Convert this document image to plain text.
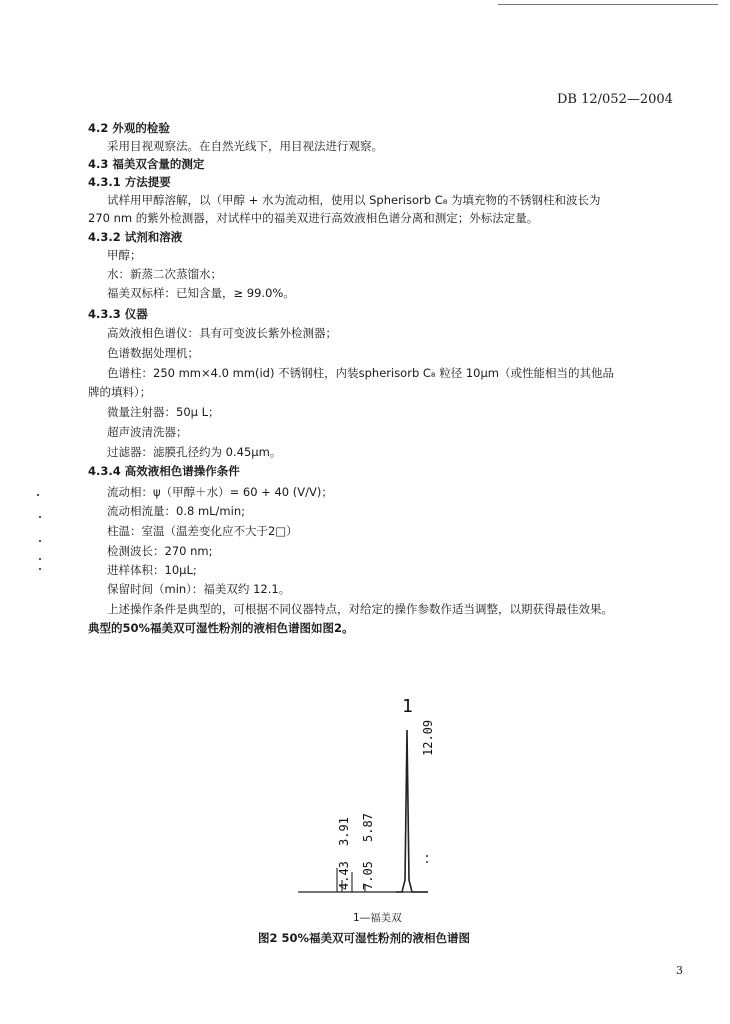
DB 12/052—2004
4.2 外观的检验
采用目视观察法。在自然光线下，用目视法进行观察。
4.3 福美双含量的测定
4.3.1 方法提要
试样用甲醇溶解，以（甲醇 + 水为流动相，使用以 Spherisorb C₈ 为填充物的不锈钢柱和波长为
270 nm 的紫外检测器，对试样中的福美双进行高效液相色谱分离和测定；外标法定量。
4.3.2 试剂和溶液
甲醇；
水：新蒸二次蒸馏水；
福美双标样：已知含量，≥ 99.0%。
4.3.3 仪器
高效液相色谱仪：具有可变波长紫外检测器；
色谱数据处理机；
色谱柱：250 mm×4.0 mm(id) 不锈钢柱，内装spherisorb C₈ 粒径 10μm（或性能相当的其他品
牌的填料）；
微量注射器：50μ L；
超声波清洗器；
过滤器：滤膜孔径约为 0.45μm。
4.3.4 高效液相色谱操作条件
流动相：ψ（甲醇＋水）= 60 + 40 (V/V)；
流动相流量：0.8 mL/min;
柱温：室温（温差变化应不大于2□）
检测波长：270 nm;
进样体积：10μL;
保留时间（min）：福美双约 12.1。
上述操作条件是典型的，可根据不同仪器特点，对给定的操作参数作适当调整，以期获得最佳效果。
典型的50%福美双可湿性粉剂的液相色谱图如图2。
1
12.09
3.91 5.87
4.43 7.05
1—福美双
图2 50%福美双可湿性粉剂的液相色谱图
3
